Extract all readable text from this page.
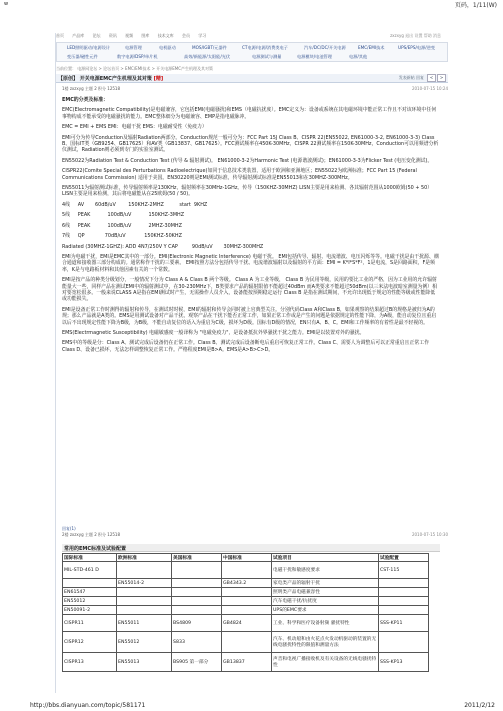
w	页码，1/11(W)
首页 产品库 论坛 资讯 视频 图库 技术文库 会员 学习	zxzxyg 退出 设置 帮助 消息
LED照明驱动/电源设计	电源管理	电机驱动	MOS/IGBT/元器件	CT电源/电源/消费类电子	汽车/DC/DC/开关电源	EMC/EMI技术	UPS/EPS/电源/逆变
变压器/磁性元件	数字电源/DSP/单片机	高效/新能源/太阳能/光伏	电源测试与测量	电源模块/电池管理	电源/其他
当前位置： 电源网论坛 > 论坛首页 > EMC/EMI技术 > 开关电源EMC产生机理及其对策
【原创】 开关电源EMC产生机理及其对策 [精]	发表新帖 回复	<	>
1楼 zxzxyg 主题 2 积分 12518	2010-07-15 10:24

EMC的分类及标准：

EMC(Electromagnetic Compatibility)是电磁兼容，它包括EMI(电磁骚扰)和EMS（电磁抗扰度）。EMC定义为：设备或系统在其电磁环境中能正常工作且不对该环境中任何事物构成不能承受的电磁骚扰的能力。EMC整体细分为电磁兼容、EMP是指电磁脉冲。

EMC = EMI + EMS EMI：电磁干扰 EMS：电磁耐受性（免疫力）

EMI可分为传导Conduction及辐射Radiation两部分。Conduction规范一般可分为：FCC Part 15J Class B、CISPR 22(EN55022, EN61000-3-2, EN61000-3-3) Class B、国标IT类（GB9254、GB17625）和AV类（GB13837、GB17625）。FCC测试频率在450K-30MHz，CISPR 22测试频率在150K-30MHz，Conduction可以用频谱分析仪测试，Radiation则必须到专门的实验室测试。

EN55022为Radiation Test & Conduction Test (传导 & 辐射测试)。 EN61000-3-2为Harmonic Test (电源谐波测试)；EN61000-3-3为Flicker Test (电压变化测试)。

CISPR22(Comite Special des Perturbations Radioelectrique)如同于信息技术类装置，适用于欧洲和亚洲地区；EN55022为欧洲标准；FCC Part 15 (Federal Communications Commission) 适用于美国。EN30220则是EMI测试标准，传导辐射测试标准是EN55013和在30MHZ-300MHz。

EN55011为辐射测试标准，传导辐射频率是130KHz，辐射频率在30MHz-1GHz。传导（150KHZ-30MHZ) LISN主要是用来检测、各其辐射范围从1000欧姆(50 + 50）LISN主要是用来检测，其后将电磁能从在25欧姆(50 / 50)。

4线     AV       60dB/uV        150KHZ-2MHZ          start  9KHZ

5线     PEAK           100dB/uV           150KHZ-3MHZ

6线     PEAK           100dB/uV           2MHZ-30MHZ

7线     QP             70dB/uV            150KHZ-50KHZ

Radiated (30MHZ-1GHZ): ADD 4N7/250V Y CAP         90dB/uV       30MHZ-300MHZ

EMI为电磁干扰，EMI是EMC其中的一部分。EMI(Electronic Magnetic Interference) 电磁干扰。 EMI包括传导、辐射、电流谐波、电压闪烁等等。电磁干扰是由干扰源、耦合通道和接收器三部分构成的。通常称作干扰的三要素。 EMI按照方法分包括传导干扰、电流谐波辐射以及辐射的平方面：EMI = K*I*S*F²，1是电流，S是回路面积，F是频率，K是与电路板材料和其他因素有关的一个常数。

EMI是按产品的种类分级划分，一般情况下分为 Class A & Class B 两个等级。 Class A 为工业等级， Class B 为民用等级，民用的要比工业的严格，因为工业用的允许辐射能量大一些，同样产品在测试EMI中的辐射测试中，在30-230MHz下，B类要求产品的辐射限值不能超过40dBm 而A类要求不能超过50dBm(以三米法电波暗室测量为例）相对要宽松很多。一般来说CLASS A是指在EMI测试时产生，无需操作人员介入，设备能按预期稳定运行 Class B 是指在测试期间，不允许出现低于规定的性能等级或性能降低或功能损失。

EMI是设备正常工作时测得的辐射和传导，在测试时时候，EMI的辐射和传导会同时被上官典型关注。分别代码Class A和Class B，如果观察的结果超过B的规格是被归为A的规；那么产品就是A类的。EMS是用测试设备对产品干扰，观察产品在干扰下能否正常工作，如果正常工作或是产生的问题是依据规定的性能下降，为A级，能自动复位且重启以后不出现规定性能下降为B级，为B级，不能自动复位的话入为重启为C级，损坏为D级。国标有D级的情况，EN只有A、B、C。EMI和工作频率的有着性是最不轻视的。

EMS(Electrmagnetic Susceptibility) 电磁敏感度一般译称为 "电磁免疫力"，是设备抵抗外界骚扰干扰之能力。EMI是以装置对外的骚扰。

EMS中的等级是分：Class A、测试完成后设备仍在正常工作。Class B、测试完成后设备断电后重启可恢复正常工作。Class C、需要人为调整后可以正常重启且正常工作 Class D、设备已损坏，无法怎样调整恢复正常工作。严格程度EMI是B>A。EMS是A>B>C>D。

回复(1)
2楼 zxzxyg 主题 2 积分 12518	2010-07-15 10:30
常用的EMC标准及试验配置
国际标准	欧洲标准	美国标准	中国标准	试验项目	试验配置
MIL-STD-461 D				电磁干扰和敏感度要求	CST-115
	EN55014-2		GB4343.2	家电类产品的辐射干扰	
EN61547				照明类产品电磁兼容性	
EN55012				汽车电磁干扰/抗扰度	
EN50091-2				UPS的EMC要求	
CISPR11	EN55011	BS4809	GB4824	工业、科学和医疗设备射频 骚扰特性	SSS-KP11
CISPR12	EN55012	S833		汽车、机动船和由火花点火发动机驱动的装置的无线电骚扰特性的限值和测量方法	
CISPR13	EN55013	BS905 第一部分	GB13837	声音和电视广播接收机及有关设备的无线电骚扰特性	SSS-KP13
http://bbs.dianyuan.com/topic/581171	2011/2/12
